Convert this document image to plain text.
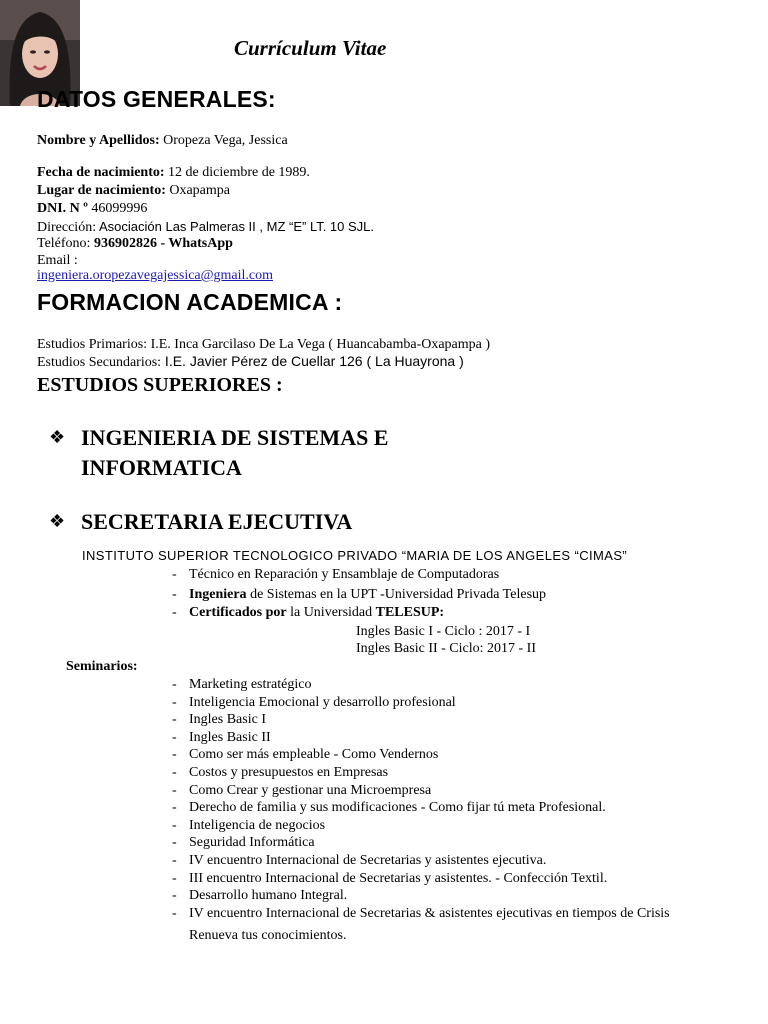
Currículum Vitae
DATOS GENERALES:
Nombre y Apellidos: Oropeza Vega, Jessica
Fecha de nacimiento: 12 de diciembre de 1989.
Lugar de nacimiento: Oxapampa
DNI. N º 46099996
Dirección: Asociación Las Palmeras II , MZ “E” LT. 10 SJL.
Teléfono: 936902826 - WhatsApp
Email :
ingeniera.oropezavegajessica@gmail.com
FORMACION ACADEMICA :
Estudios Primarios: I.E. Inca Garcilaso De La Vega ( Huancabamba-Oxapampa )
Estudios Secundarios: I.E. Javier Pérez de Cuellar 126 ( La Huayrona )
ESTUDIOS SUPERIORES :
❖ INGENIERIA DE SISTEMAS E
INFORMATICA
❖ SECRETARIA EJECUTIVA
INSTITUTO SUPERIOR TECNOLOGICO PRIVADO “MARIA DE LOS ANGELES “CIMAS”
- Técnico en Reparación y Ensamblaje de Computadoras
- Ingeniera de Sistemas en la UPT -Universidad Privada Telesup
- Certificados por la Universidad TELESUP:
Ingles Basic I - Ciclo : 2017 - I
Ingles Basic II - Ciclo: 2017 - II
Seminarios:
- Marketing estratégico
- Inteligencia Emocional y desarrollo profesional
- Ingles Basic I
- Ingles Basic II
- Como ser más empleable - Como Vendernos
- Costos y presupuestos en Empresas
- Como Crear y gestionar una Microempresa
- Derecho de familia y sus modificaciones - Como fijar tú meta Profesional.
- Inteligencia de negocios
- Seguridad Informática
- IV encuentro Internacional de Secretarias y asistentes ejecutiva.
- III encuentro Internacional de Secretarias y asistentes. - Confección Textil.
- Desarrollo humano Integral.
- IV encuentro Internacional de Secretarias & asistentes ejecutivas en tiempos de Crisis
Renueva tus conocimientos.
